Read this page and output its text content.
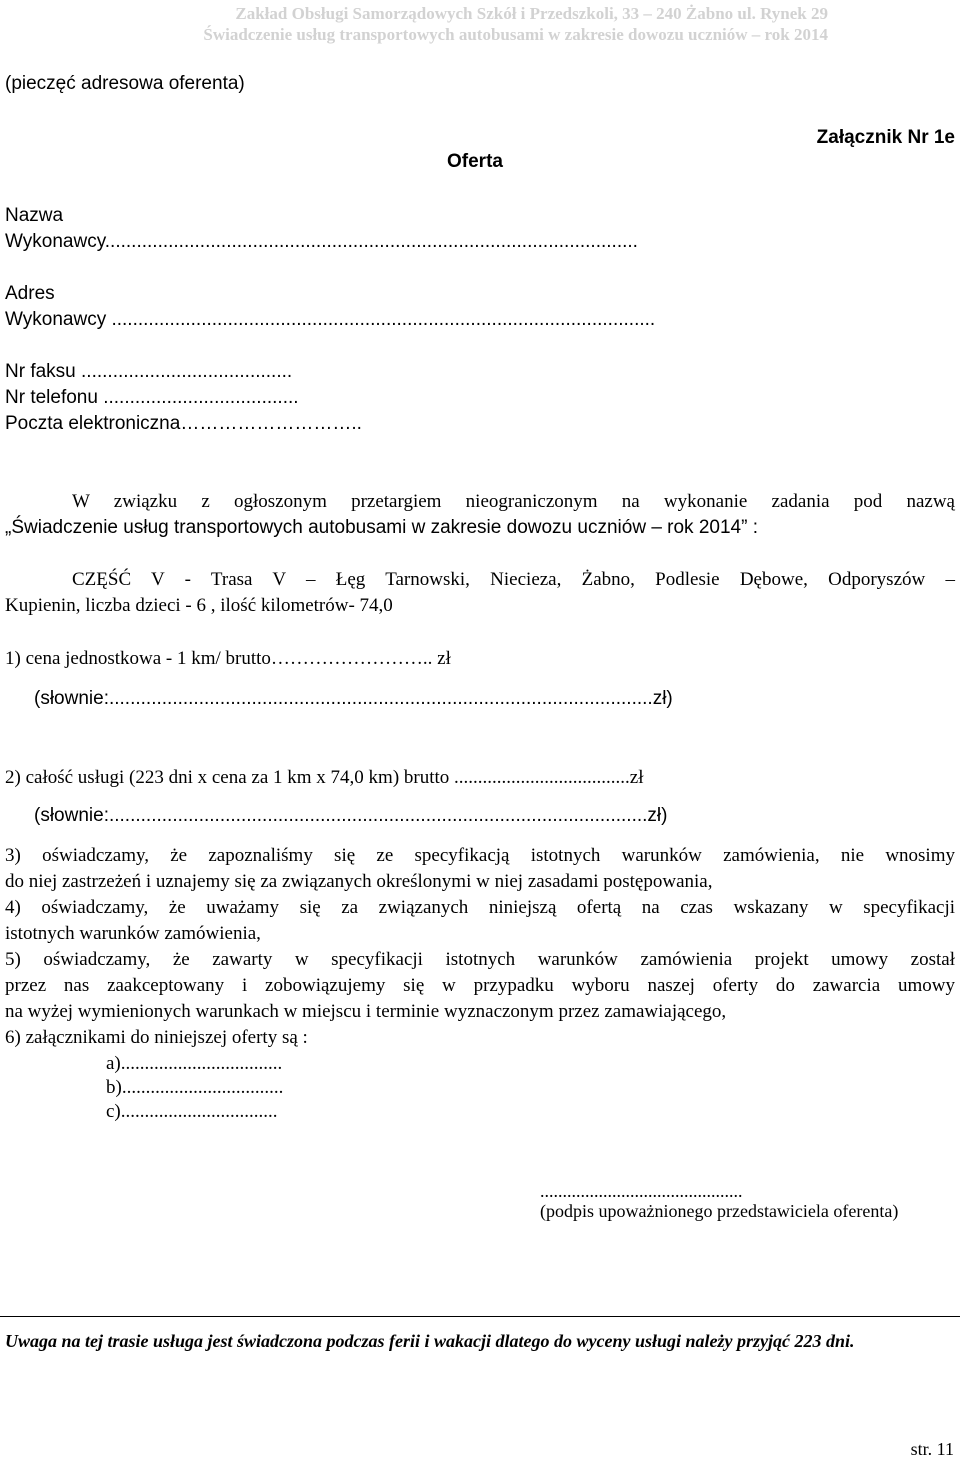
Zakład Obsługi Samorządowych Szkół i Przedszkoli, 33 – 240 Żabno ul. Rynek 29
Świadczenie usług transportowych autobusami w zakresie dowozu uczniów – rok 2014
(pieczęć adresowa oferenta)
Załącznik Nr 1e
Oferta
Nazwa
Wykonawcy.....................................................................................................
Adres
Wykonawcy .......................................................................................................
Nr faksu ........................................
Nr telefonu .....................................
Poczta elektroniczna………………………..
W związku z ogłoszonym przetargiem nieograniczonym na wykonanie zadania pod nazwą
„Świadczenie usług transportowych autobusami w zakresie dowozu uczniów – rok 2014” :
CZĘŚĆ V - Trasa V – Łęg Tarnowski, Niecieza, Żabno, Podlesie Dębowe, Odporyszów –
Kupienin, liczba dzieci - 6 , ilość kilometrów- 74,0
1) cena jednostkowa - 1 km/ brutto…………………….. zł
(słownie:.......................................................................................................zł)
2) całość usługi (223 dni x cena za 1 km x 74,0 km) brutto .....................................zł
(słownie:......................................................................................................zł)
3) oświadczamy, że zapoznaliśmy się ze specyfikacją istotnych warunków zamówienia, nie wnosimy
do niej zastrzeżeń i uznajemy się za związanych określonymi w niej zasadami postępowania,
4) oświadczamy, że uważamy się za związanych niniejszą ofertą na czas wskazany w specyfikacji
istotnych warunków zamówienia,
5) oświadczamy, że zawarty w specyfikacji istotnych warunków zamówienia projekt umowy został
przez nas zaakceptowany i zobowiązujemy się w przypadku wyboru naszej oferty do zawarcia umowy
na wyżej wymienionych warunkach w miejscu i terminie wyznaczonym przez zamawiającego,
6) załącznikami do niniejszej oferty są :
a)..................................
b)..................................
c).................................
.............................................
(podpis upoważnionego przedstawiciela oferenta)
Uwaga na tej trasie usługa jest świadczona podczas ferii i wakacji dlatego do wyceny usługi należy przyjąć 223 dni.
str. 11
